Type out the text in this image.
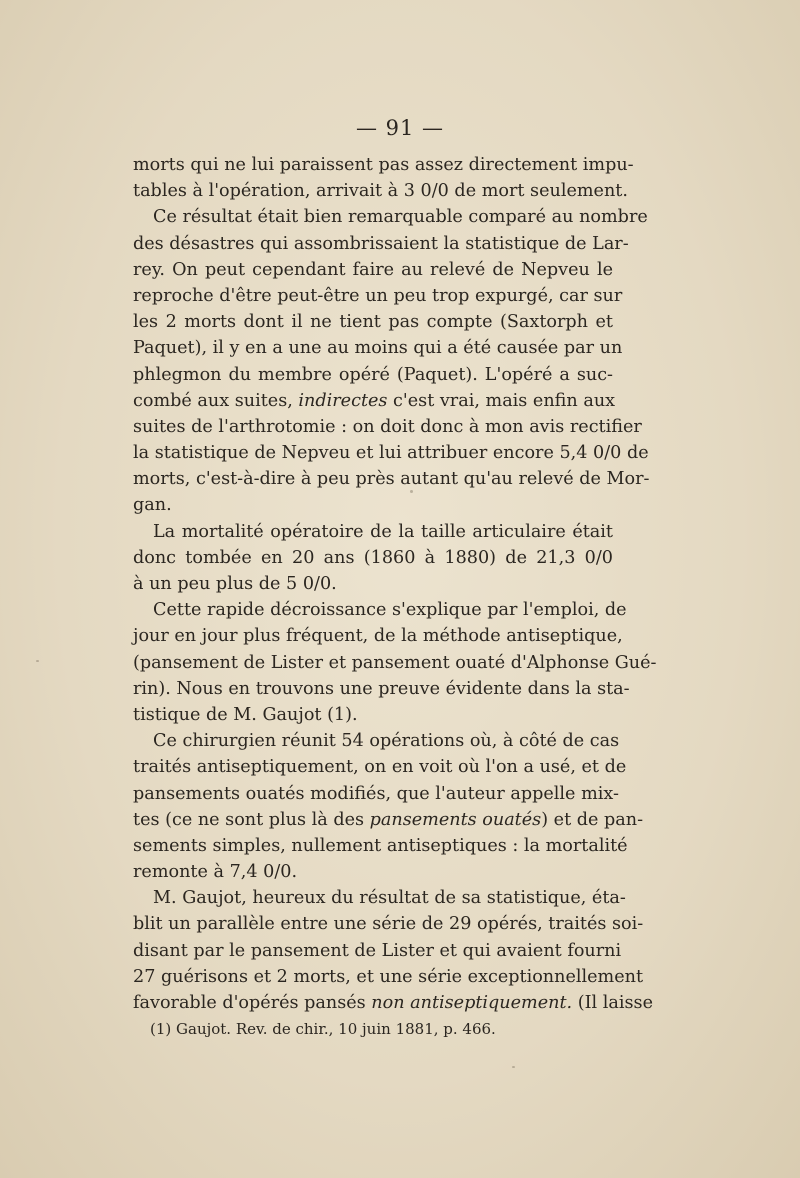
— 91 —
morts qui ne lui paraissent pas assez directement impu-
tables à l'opération, arrivait à 3 0/0 de mort seulement.
Ce résultat était bien remarquable comparé au nombre
des désastres qui assombrissaient la statistique de Lar-
rey. On peut cependant faire au relevé de Nepveu le
reproche d'être peut-être un peu trop expurgé, car sur
les 2 morts dont il ne tient pas compte (Saxtorph et
Paquet), il y en a une au moins qui a été causée par un
phlegmon du membre opéré (Paquet). L'opéré a suc-
combé aux suites, indirectes c'est vrai, mais enfin aux
suites de l'arthrotomie : on doit donc à mon avis rectifier
la statistique de Nepveu et lui attribuer encore 5,4 0/0 de
morts, c'est-à-dire à peu près autant qu'au relevé de Mor-
gan.
La mortalité opératoire de la taille articulaire était
donc tombée en 20 ans (1860 à 1880) de 21,3 0/0
à un peu plus de 5 0/0.
Cette rapide décroissance s'explique par l'emploi, de
jour en jour plus fréquent, de la méthode antiseptique,
(pansement de Lister et pansement ouaté d'Alphonse Gué-
rin). Nous en trouvons une preuve évidente dans la sta-
tistique de M. Gaujot (1).
Ce chirurgien réunit 54 opérations où, à côté de cas
traités antiseptiquement, on en voit où l'on a usé, et de
pansements ouatés modifiés, que l'auteur appelle mix-
tes (ce ne sont plus là des pansements ouatés) et de pan-
sements simples, nullement antiseptiques : la mortalité
remonte à 7,4 0/0.
M. Gaujot, heureux du résultat de sa statistique, éta-
blit un parallèle entre une série de 29 opérés, traités soi-
disant par le pansement de Lister et qui avaient fourni
27 guérisons et 2 morts, et une série exceptionnellement
favorable d'opérés pansés non antiseptiquement. (Il laisse
(1) Gaujot. Rev. de chir., 10 juin 1881, p. 466.
